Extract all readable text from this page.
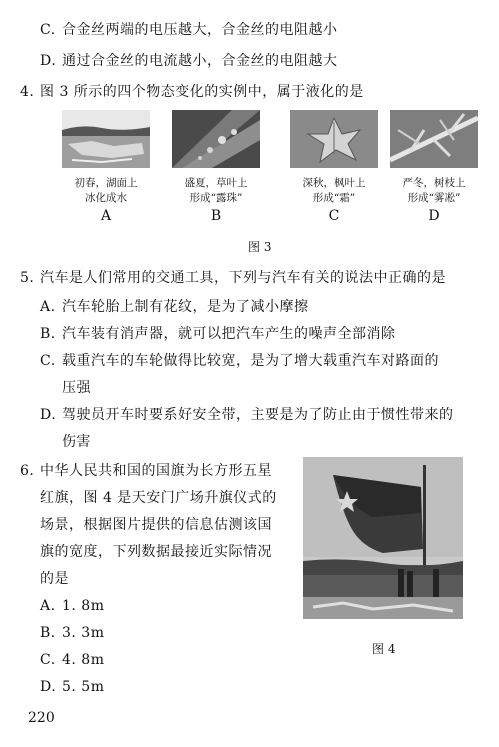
C. 合金丝两端的电压越大，合金丝的电阻越小
D. 通过合金丝的电流越小，合金丝的电阻越大
4. 图 3 所示的四个物态变化的实例中，属于液化的是
初春，湖面上
冰化成水
盛夏，草叶上
形成“露珠”
深秋，枫叶上
形成“霜”
严冬，树枝上
形成“雾凇”
A	B	C	D
图 3
5. 汽车是人们常用的交通工具，下列与汽车有关的说法中正确的是
A. 汽车轮胎上制有花纹，是为了减小摩擦
B. 汽车装有消声器，就可以把汽车产生的噪声全部消除
C. 载重汽车的车轮做得比较宽，是为了增大载重汽车对路面的
压强
D. 驾驶员开车时要系好安全带，主要是为了防止由于惯性带来的
伤害
6. 中华人民共和国的国旗为长方形五星
红旗，图 4 是天安门广场升旗仪式的
场景，根据图片提供的信息估测该国
旗的宽度，下列数据最接近实际情况
的是
A. 1. 8m
B. 3. 3m
C. 4. 8m
D. 5. 5m
图 4
220
